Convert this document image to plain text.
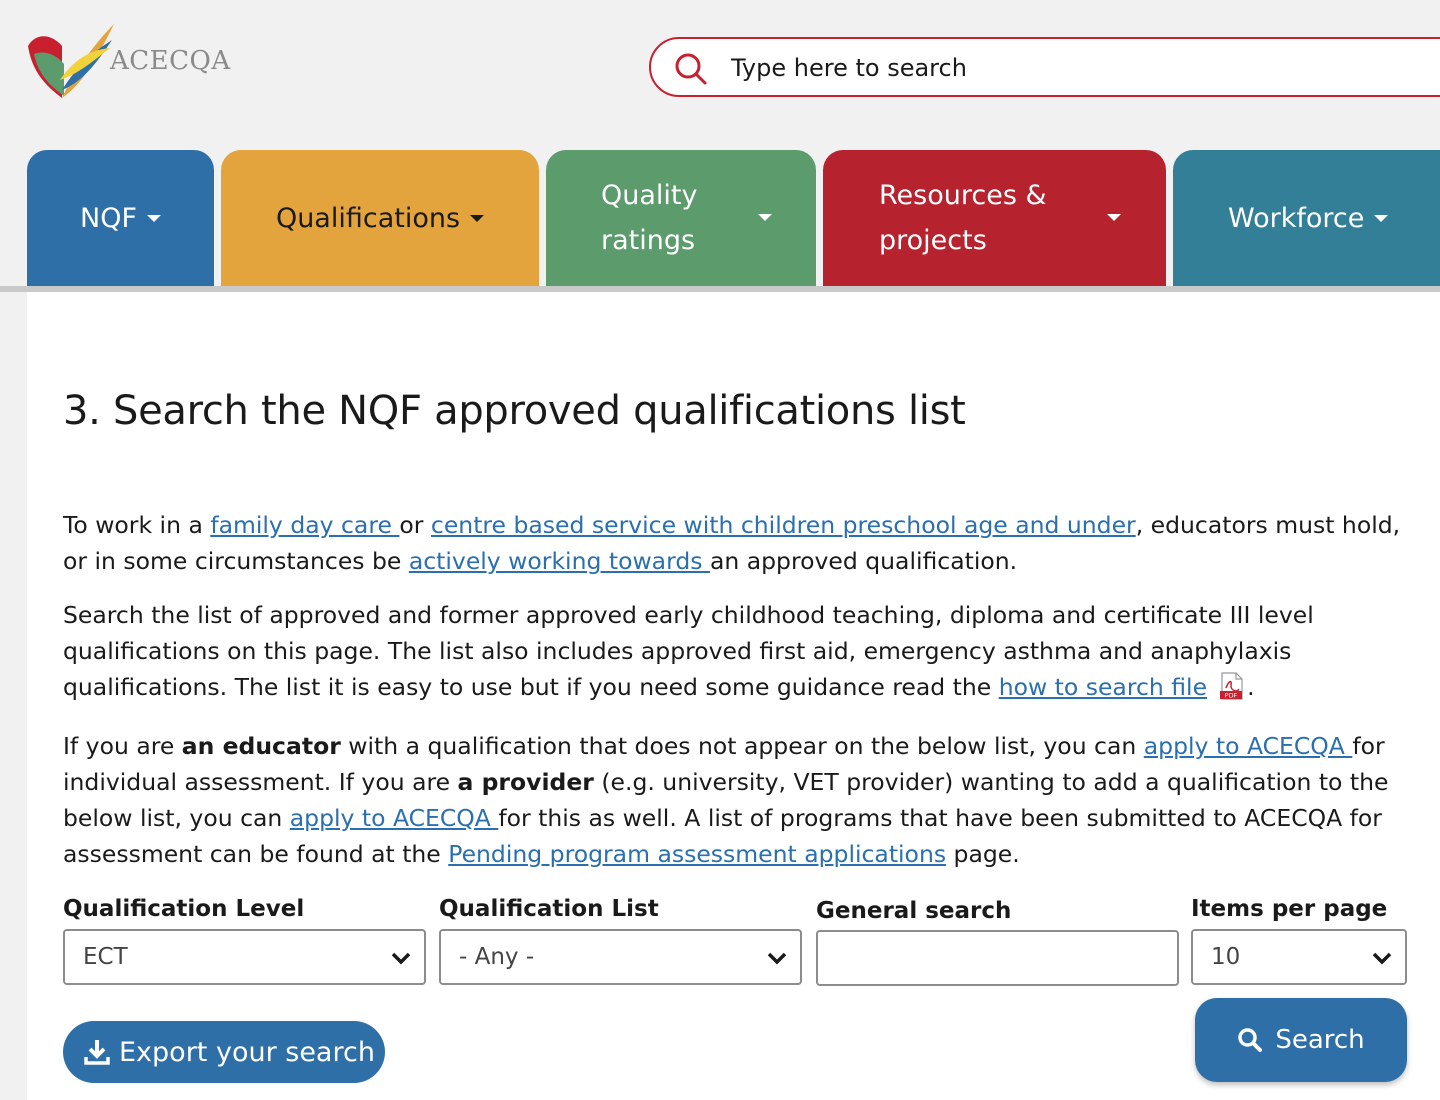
ACECQA
Type here to search
NQF	Qualifications
Quality
ratings
Resources &
projects
Workforce
3. Search the NQF approved qualifications list

To work in a family day care or centre based service with children preschool age and under, educators must hold, or in some circumstances be actively working towards an approved qualification.

Search the list of approved and former approved early childhood teaching, diploma and certificate III level qualifications on this page. The list also includes approved first aid, emergency asthma and anaphylaxis qualifications. The list it is easy to use but if you need some guidance read the how to search file	PDF .

If you are an educator with a qualification that does not appear on the below list, you can apply to ACECQA for individual assessment. If you are a provider (e.g. university, VET provider) wanting to add a qualification to the below list, you can apply to ACECQA for this as well. A list of programs that have been submitted to ACECQA for assessment can be found at the Pending program assessment applications page.

Qualification Level
ECT
Qualification List
- Any -
General search	Items per page
10
Export your search	Search
